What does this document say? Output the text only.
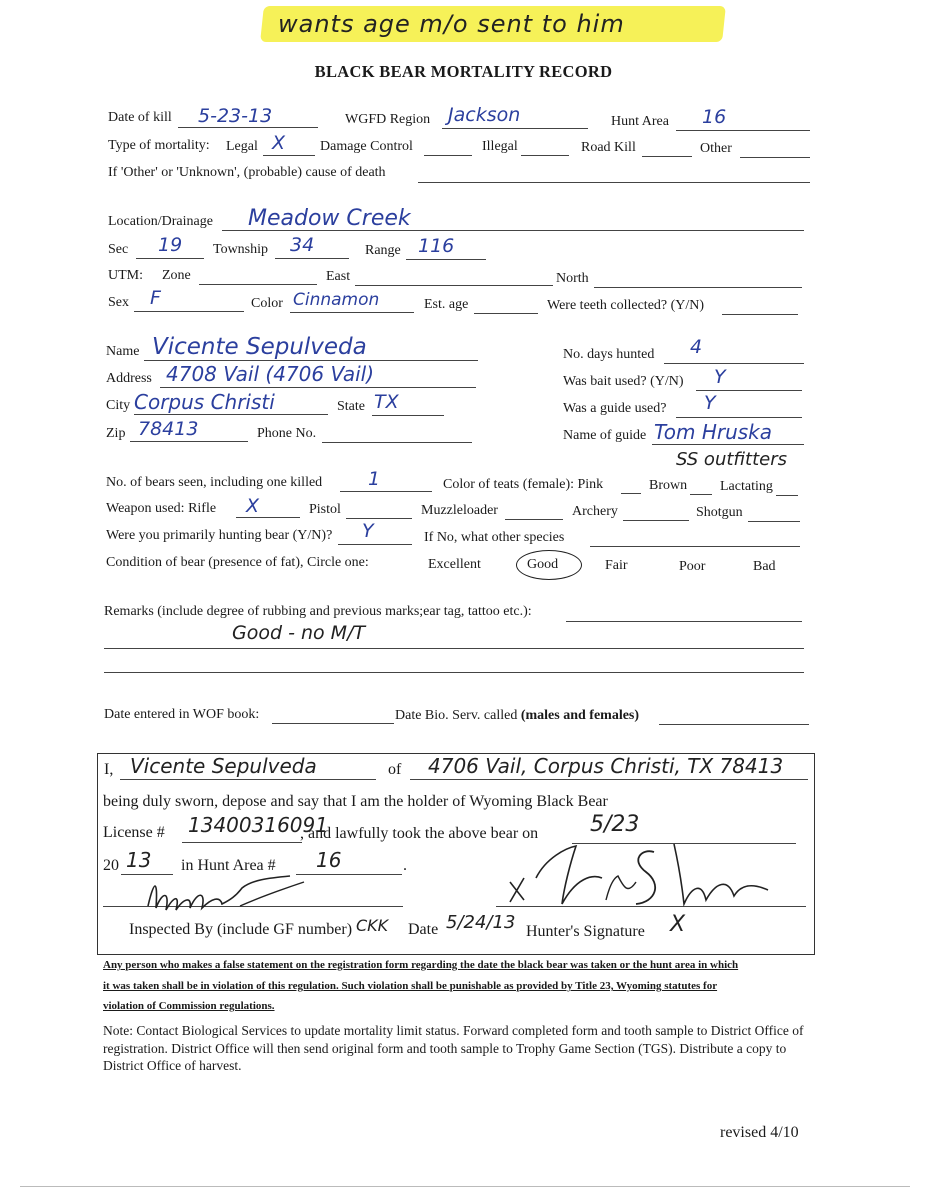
wants age m/o sent to him
BLACK BEAR MORTALITY RECORD
Date of kill 5-23-13	WGFD Region Jackson	Hunt Area 16
Type of mortality: Legal X Damage Control	Illegal	Road Kill	Other
If 'Other' or 'Unknown', (probable) cause of death
Location/Drainage Meadow Creek
Sec 19 Township 34	Range 116
UTM: Zone	East	North
Sex F	Color Cinnamon	Est. age	Were teeth collected? (Y/N)
Name Vicente Sepulveda
Address 4708 Vail (4706 Vail)
City Corpus Christi	State TX
Zip 78413	Phone No.
No. days hunted 4
Was bait used? (Y/N) Y
Was a guide used? Y
Name of guide Tom Hruska
SS outfitters
No. of bears seen, including one killed 1	Color of teats (female): Pink	Brown Lactating
Weapon used: Rifle X	Pistol	Muzzleloader	Archery	Shotgun
Were you primarily hunting bear (Y/N)? Y	If No, what other species
Condition of bear (presence of fat), Circle one:	Excellent	Good	Fair	Poor	Bad
Remarks (include degree of rubbing and previous marks;ear tag, tattoo etc.):
Good - no M/T
Date entered in WOF book:	Date Bio. Serv. called (males and females)
I, Vicente Sepulveda	of 4706 Vail, Corpus Christi, TX 78413
being duly sworn, depose and say that I am the holder of Wyoming Black Bear
License # 13400316091
, and lawfully took the above bear on 5/23
20 13 in Hunt Area # 16	.
Inspected By (include GF number) CKK Date 5/24/13 Hunter's Signature X
Any person who makes a false statement on the registration form regarding the date the black bear was taken or the hunt area in which
it was taken shall be in violation of this regulation. Such violation shall be punishable as provided by Title 23, Wyoming statutes for
violation of Commission regulations.
Note: Contact Biological Services to update mortality limit status. Forward completed form and tooth sample to District Office of registration. District Office will then send original form and tooth sample to Trophy Game Section (TGS). Distribute a copy to District Office of harvest.
revised 4/10
